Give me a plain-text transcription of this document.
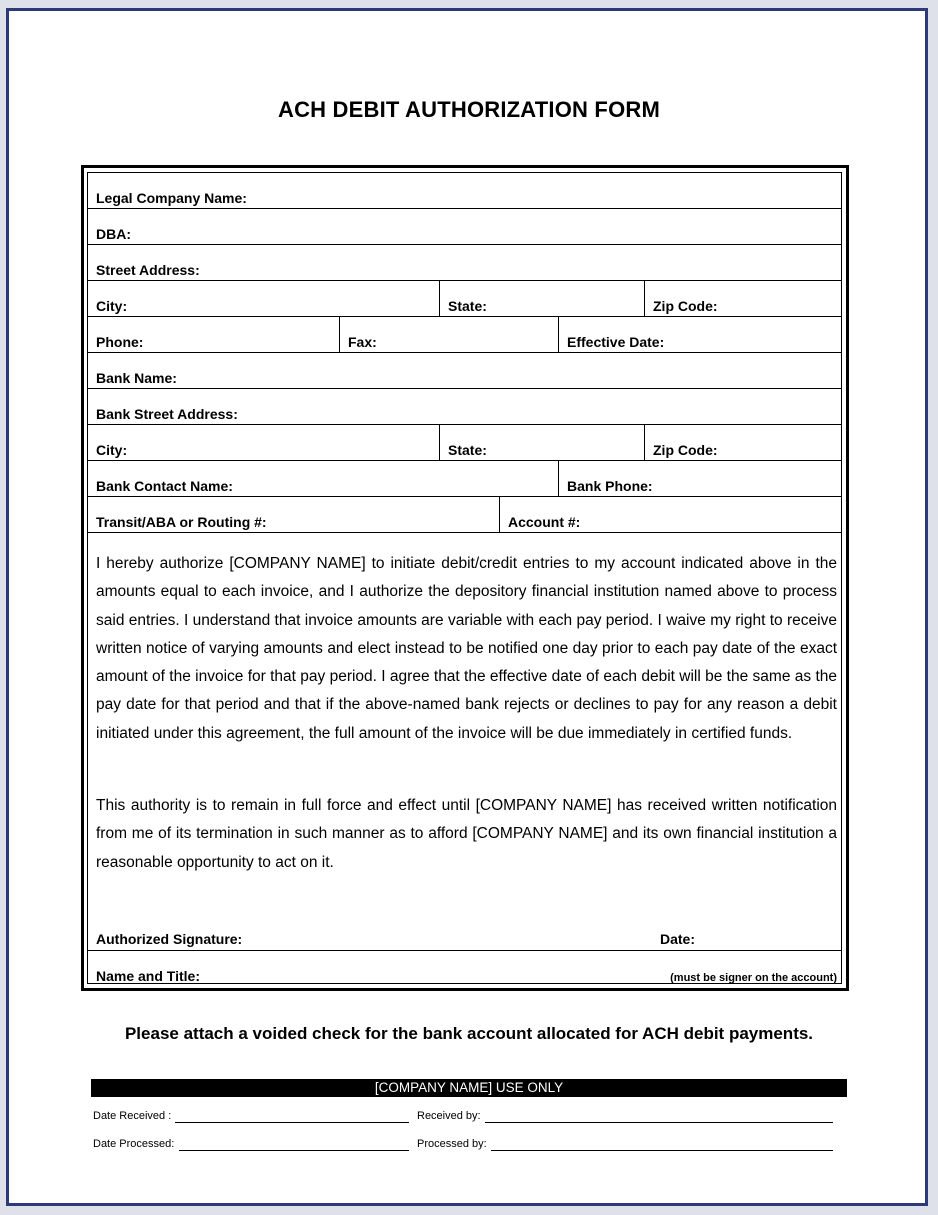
ACH DEBIT AUTHORIZATION FORM
Legal Company Name:
DBA:
Street Address:
City:	State:	Zip Code:
Phone:	Fax:	Effective Date:
Bank Name:
Bank Street Address:
City:	State:	Zip Code:
Bank Contact Name:	Bank Phone:
Transit/ABA or Routing #:	Account #:

I hereby authorize [COMPANY NAME] to initiate debit/credit entries to my account indicated above in the amounts equal to each invoice, and I authorize the depository financial institution named above to process said entries. I understand that invoice amounts are variable with each pay period. I waive my right to receive written notice of varying amounts and elect instead to be notified one day prior to each pay date of the exact amount of the invoice for that pay period. I agree that the effective date of each debit will be the same as the pay date for that period and that if the above-named bank rejects or declines to pay for any reason a debit initiated under this agreement, the full amount of the invoice will be due immediately in certified funds.

This authority is to remain in full force and effect until [COMPANY NAME] has received written notification from me of its termination in such manner as to afford [COMPANY NAME] and its own financial institution a reasonable opportunity to act on it.

Authorized Signature:	Date:
Name and Title:	(must be signer on the account)
Please attach a voided check for the bank account allocated for ACH debit payments.
[COMPANY NAME] USE ONLY
Date Received :	Received by:
Date Processed:	Processed by:
